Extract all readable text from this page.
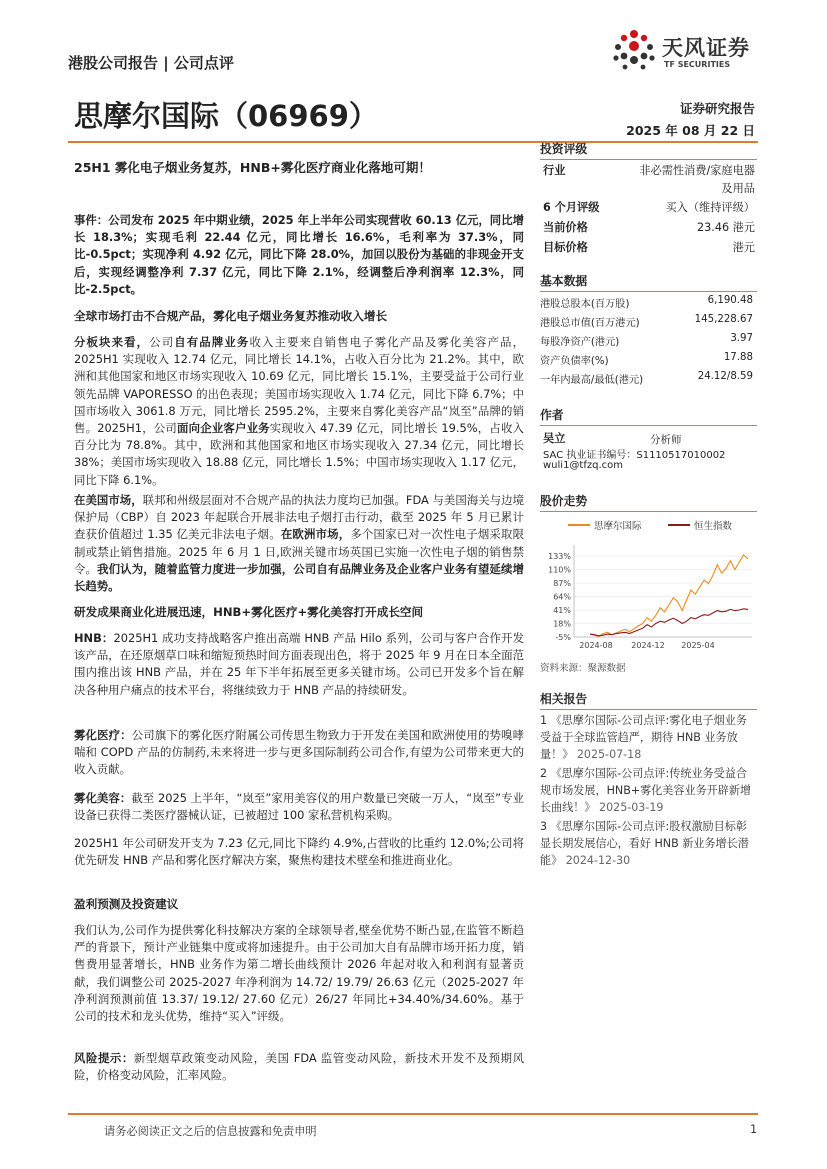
港股公司报告 | 公司点评
天风证券
TF SECURITIES
思摩尔国际（06969）	证券研究报告
2025 年 08 月 22 日
25H1 雾化电子烟业务复苏，HNB+雾化医疗商业化落地可期！
事件：公司发布 2025 年中期业绩，2025 年上半年公司实现营收 60.13 亿元，同比增长 18.3%；实现毛利 22.44 亿元，同比增长 16.6%，毛利率为 37.3%，同比-0.5pct；实现净利 4.92 亿元，同比下降 28.0%，加回以股份为基础的非现金开支后，实现经调整净利 7.37 亿元，同比下降 2.1%，经调整后净利润率 12.3%，同比-2.5pct。
全球市场打击不合规产品，雾化电子烟业务复苏推动收入增长
分板块来看，公司自有品牌业务收入主要来自销售电子雾化产品及雾化美容产品，2025H1 实现收入 12.74 亿元，同比增长 14.1%，占收入百分比为 21.2%。其中，欧洲和其他国家和地区市场实现收入 10.69 亿元，同比增长 15.1%，主要受益于公司行业领先品牌 VAPORESSO 的出色表现；美国市场实现收入 1.74 亿元，同比下降 6.7%；中国市场收入 3061.8 万元，同比增长 2595.2%，主要来自雾化美容产品“岚至”品牌的销售。2025H1，公司面向企业客户业务实现收入 47.39 亿元，同比增长 19.5%，占收入百分比为 78.8%。其中，欧洲和其他国家和地区市场实现收入 27.34 亿元，同比增长 38%；美国市场实现收入 18.88 亿元，同比增长 1.5%；中国市场实现收入 1.17 亿元，同比下降 6.1%。
在美国市场，联邦和州级层面对不合规产品的执法力度均已加强。FDA 与美国海关与边境保护局（CBP）自 2023 年起联合开展非法电子烟打击行动，截至 2025 年 5 月已累计查获价值超过 1.35 亿美元非法电子烟。在欧洲市场，多个国家已对一次性电子烟采取限制或禁止销售措施。2025 年 6 月 1 日,欧洲关键市场英国已实施一次性电子烟的销售禁令。我们认为，随着监管力度进一步加强，公司自有品牌业务及企业客户业务有望延续增长趋势。
研发成果商业化进展迅速，HNB+雾化医疗+雾化美容打开成长空间
HNB：2025H1 成功支持战略客户推出高端 HNB 产品 Hilo 系列，公司与客户合作开发该产品，在还原烟草口味和缩短预热时间方面表现出色，将于 2025 年 9 月在日本全面范围内推出该 HNB 产品，并在 25 年下半年拓展至更多关键市场。公司已开发多个旨在解决各种用户痛点的技术平台，将继续致力于 HNB 产品的持续研发。
雾化医疗：公司旗下的雾化医疗附属公司传思生物致力于开发在美国和欧洲使用的势嗅哮喘和 COPD 产品的仿制药,未来将进一步与更多国际制药公司合作,有望为公司带来更大的收入贡献。
雾化美容：截至 2025 上半年，“岚至”家用美容仪的用户数量已突破一万人，“岚至”专业设备已获得二类医疗器械认证，已被超过 100 家私营机构采购。
2025H1 年公司研发开支为 7.23 亿元,同比下降约 4.9%,占营收的比重约 12.0%;公司将优先研发 HNB 产品和雾化医疗解决方案，聚焦构建技术壁垒和推进商业化。
盈利预测及投资建议
我们认为,公司作为提供雾化科技解决方案的全球领导者,壁垒优势不断凸显,在监管不断趋严的背景下，预计产业链集中度或将加速提升。由于公司加大自有品牌市场开拓力度，销售费用显著增长，HNB 业务作为第二增长曲线预计 2026 年起对收入和利润有显著贡献，我们调整公司 2025-2027 年净利润为 14.72/ 19.79/ 26.63 亿元（2025-2027 年净利润预测前值 13.37/ 19.12/ 27.60 亿元）26/27 年同比+34.40%/34.60%。基于公司的技术和龙头优势，维持“买入”评级。
风险提示：新型烟草政策变动风险，美国 FDA 监管变动风险，新技术开发不及预期风险，价格变动风险，汇率风险。
投资评级
行业	非必需性消费/家庭电器及用品
6 个月评级	买入（维持评级）
当前价格	23.46 港元
目标价格	港元
基本数据
港股总股本(百万股)	6,190.48
港股总市值(百万港元)	145,228.67
每股净资产(港元)	3.97
资产负债率(%)	17.88
一年内最高/最低(港元)	24.12/8.59
作者
吴立	分析师
SAC 执业证书编号：S1110517010002
wuli1@tfzq.com
股价走势
思摩尔国际	恒生指数
133%
110%
87%
64%
41%
18%
-5%
2024-08 2024-12 2025-04
资料来源：聚源数据
相关报告
1 《思摩尔国际-公司点评:雾化电子烟业务受益于全球监管趋严，期待 HNB 业务放量！》 2025-07-18
2 《思摩尔国际-公司点评:传统业务受益合规市场发展，HNB+雾化美容业务开辟新增长曲线！》 2025-03-19
3 《思摩尔国际-公司点评:股权激励目标彰显长期发展信心，看好 HNB 新业务增长潜能》 2024-12-30
请务必阅读正文之后的信息披露和免责申明	1
